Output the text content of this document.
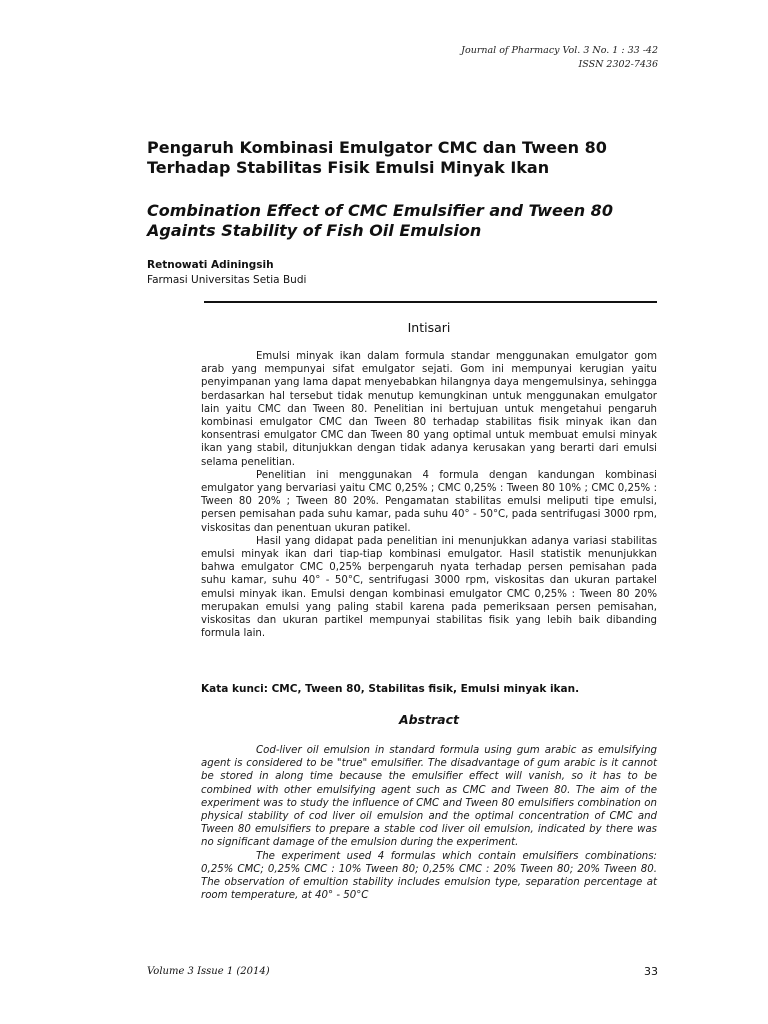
Journal of Pharmacy Vol. 3 No. 1 : 33 -42
ISSN 2302-7436
Pengaruh Kombinasi Emulgator CMC dan Tween 80 Terhadap Stabilitas Fisik Emulsi Minyak Ikan
Combination Effect of CMC Emulsifier and Tween 80 Againts Stability of Fish Oil Emulsion
Retnowati Adiningsih
Farmasi Universitas Setia Budi
Intisari

Emulsi minyak ikan dalam formula standar menggunakan emulgator gom arab yang mempunyai sifat emulgator sejati. Gom ini mempunyai kerugian yaitu penyimpanan yang lama dapat menyebabkan hilangnya daya mengemulsinya, sehingga berdasarkan hal tersebut tidak menutup kemungkinan untuk menggunakan emulgator lain yaitu CMC dan Tween 80. Penelitian ini bertujuan untuk mengetahui pengaruh kombinasi emulgator CMC dan Tween 80 terhadap stabilitas fisik minyak ikan dan konsentrasi emulgator CMC dan Tween 80 yang optimal untuk membuat emulsi minyak ikan yang stabil, ditunjukkan dengan tidak adanya kerusakan yang berarti dari emulsi selama penelitian.

Penelitian ini menggunakan 4 formula dengan kandungan kombinasi emulgator yang bervariasi yaitu CMC 0,25% ; CMC 0,25% : Tween 80 10% ; CMC 0,25% : Tween 80 20% ; Tween 80 20%. Pengamatan stabilitas emulsi meliputi tipe emulsi, persen pemisahan pada suhu kamar, pada suhu 40° - 50°C, pada sentrifugasi 3000 rpm, viskositas dan penentuan ukuran patikel.

Hasil yang didapat pada penelitian ini menunjukkan adanya variasi stabilitas emulsi minyak ikan dari tiap-tiap kombinasi emulgator. Hasil statistik menunjukkan bahwa emulgator CMC 0,25% berpengaruh nyata terhadap persen pemisahan pada suhu kamar, suhu 40° - 50°C, sentrifugasi 3000 rpm, viskositas dan ukuran partakel emulsi minyak ikan. Emulsi dengan kombinasi emulgator CMC 0,25% : Tween 80 20% merupakan emulsi yang paling stabil karena pada pemeriksaan persen pemisahan, viskositas dan ukuran partikel mempunyai stabilitas fisik yang lebih baik dibanding formula lain.

Kata kunci: CMC, Tween 80, Stabilitas fisik, Emulsi minyak ikan.
Abstract

Cod-liver oil emulsion in standard formula using gum arabic as emulsifying agent is considered to be "true" emulsifier. The disadvantage of gum arabic is it cannot be stored in along time because the emulsifier effect will vanish, so it has to be combined with other emulsifying agent such as CMC and Tween 80. The aim of the experiment was to study the influence of CMC and Tween 80 emulsifiers combination on physical stability of cod liver oil emulsion and the optimal concentration of CMC and Tween 80 emulsifiers to prepare a stable cod liver oil emulsion, indicated by there was no significant damage of the emulsion during the experiment.

The experiment used 4 formulas which contain emulsifiers combinations: 0,25% CMC; 0,25% CMC : 10% Tween 80; 0,25% CMC : 20% Tween 80; 20% Tween 80. The observation of emultion stability includes emulsion type, separation percentage at room temperature, at 40° - 50°C

Volume 3 Issue 1 (2014)	33
